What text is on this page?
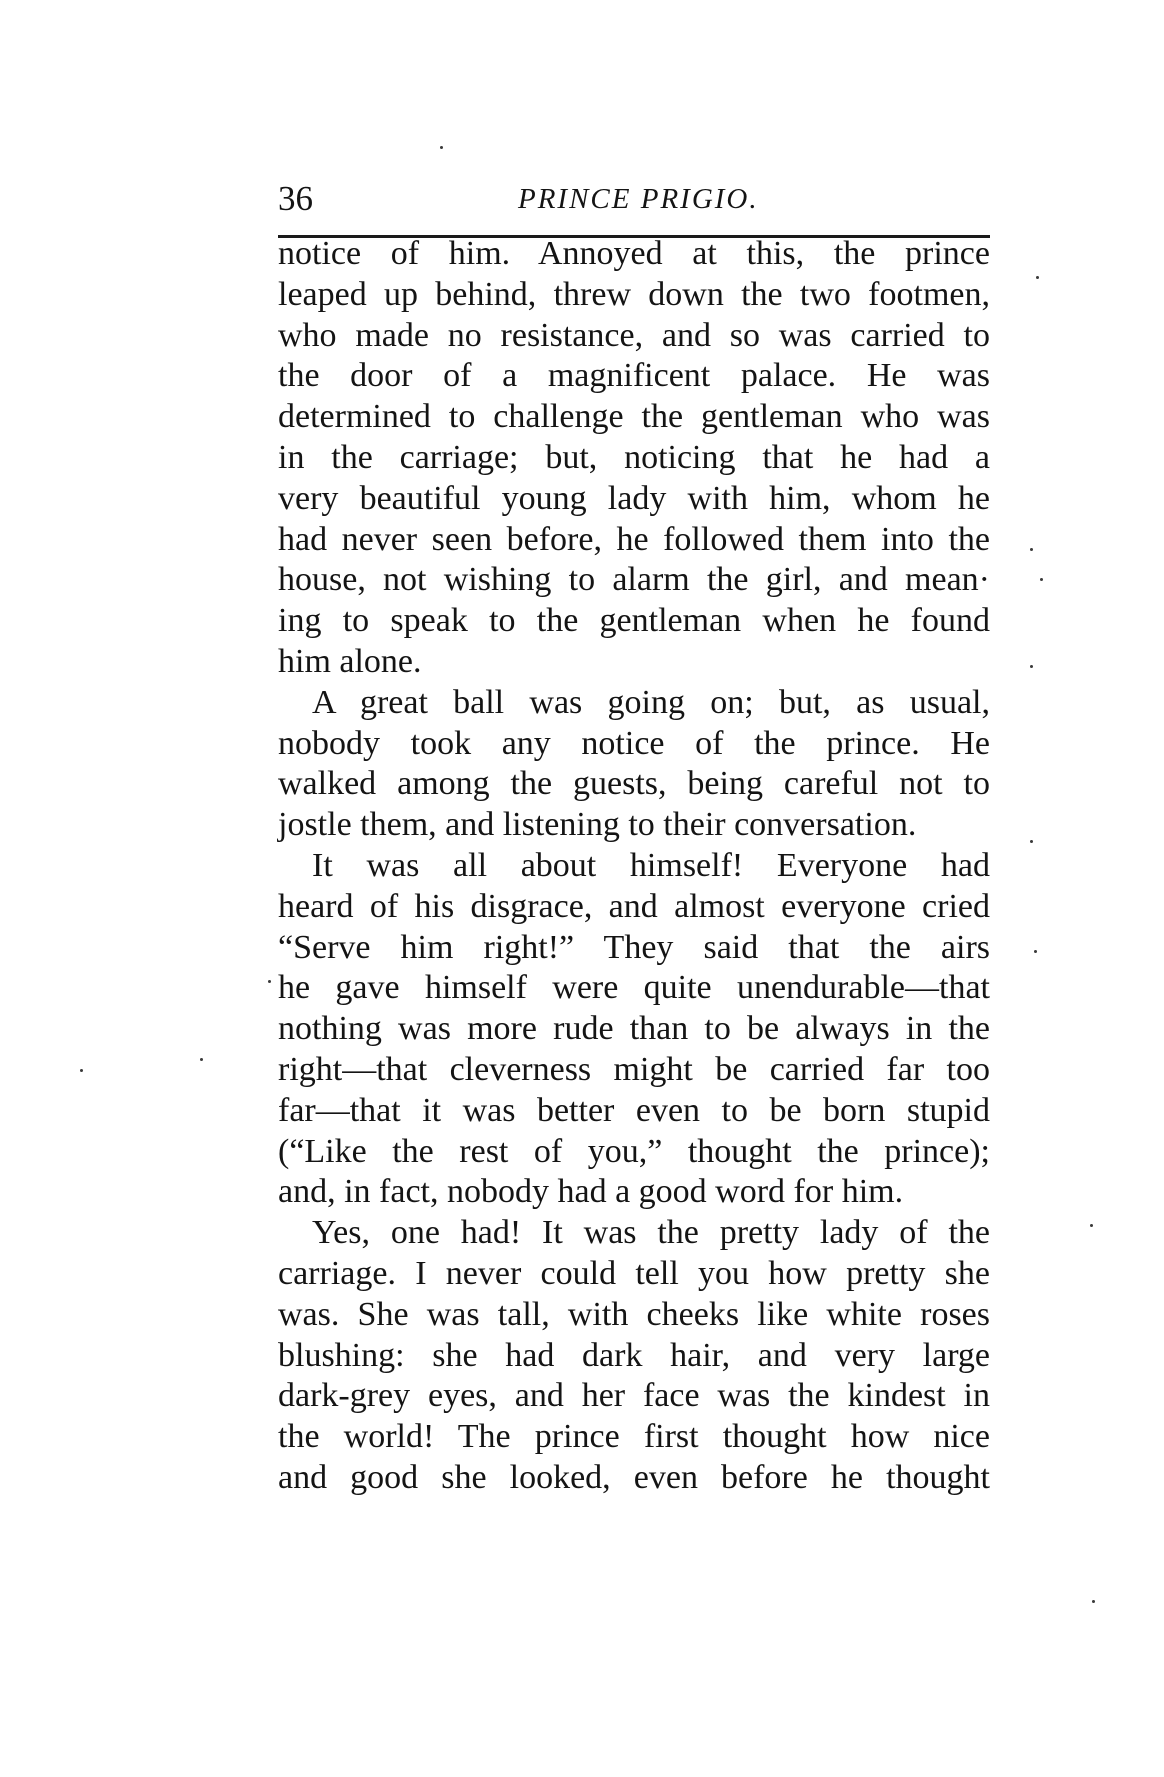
36	PRINCE PRIGIO.
notice of him. Annoyed at this, the prince
leaped up behind, threw down the two footmen,
who made no resistance, and so was carried to
the door of a magnificent palace. He was
determined to challenge the gentleman who was
in the carriage; but, noticing that he had a
very beautiful young lady with him, whom he
had never seen before, he followed them into the
house, not wishing to alarm the girl, and mean·
ing to speak to the gentleman when he found
him alone.
A great ball was going on; but, as usual,
nobody took any notice of the prince. He
walked among the guests, being careful not to
jostle them, and listening to their conversation.
It was all about himself! Everyone had
heard of his disgrace, and almost everyone cried
“Serve him right!” They said that the airs
he gave himself were quite unendurable—that
nothing was more rude than to be always in the
right—that cleverness might be carried far too
far—that it was better even to be born stupid
(“Like the rest of you,” thought the prince);
and, in fact, nobody had a good word for him.
Yes, one had! It was the pretty lady of the
carriage. I never could tell you how pretty she
was. She was tall, with cheeks like white roses
blushing: she had dark hair, and very large
dark-grey eyes, and her face was the kindest in
the world! The prince first thought how nice
and good she looked, even before he thought
